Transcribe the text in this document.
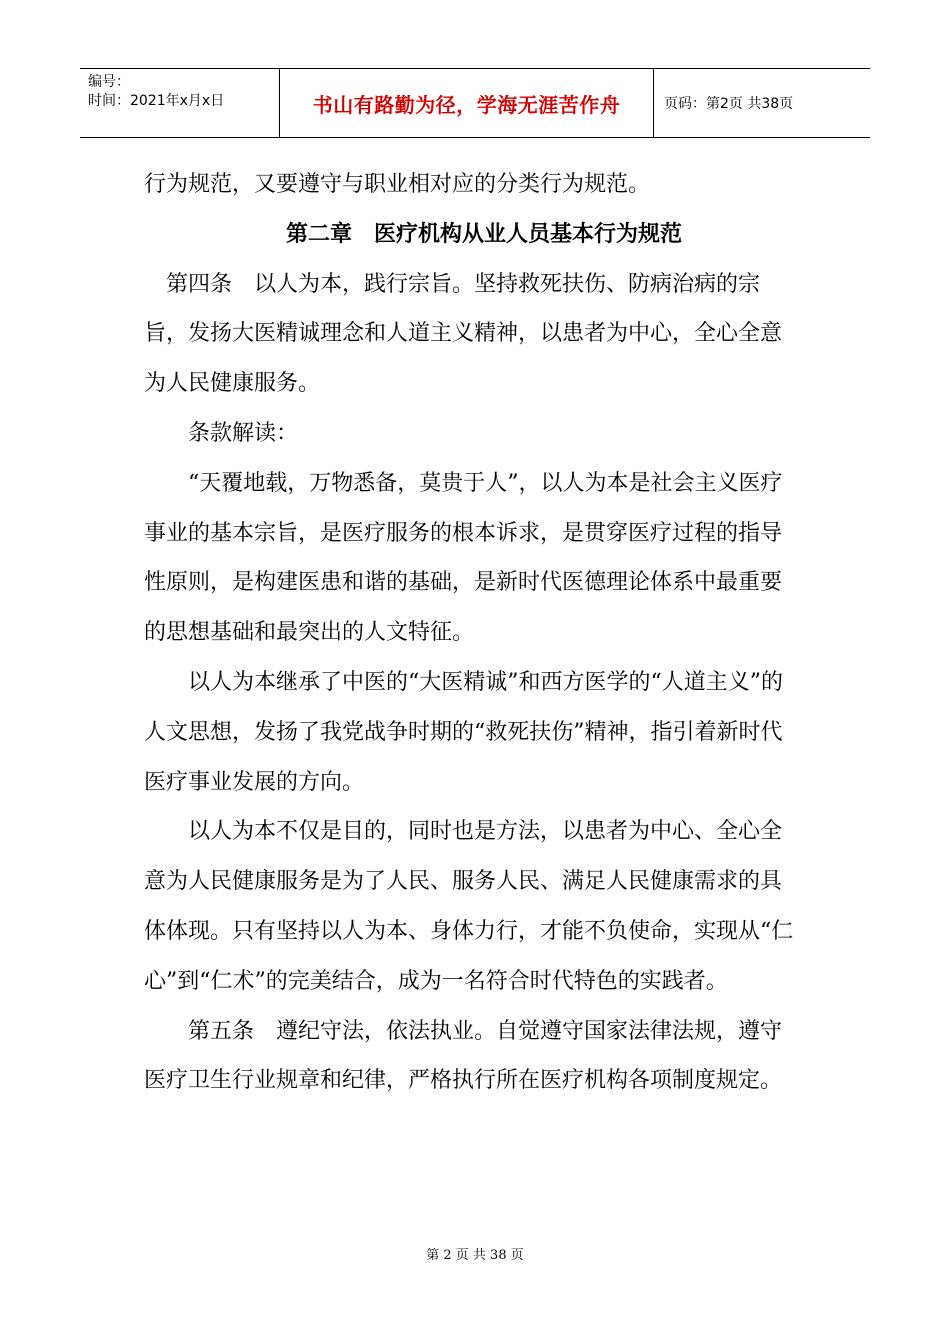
编号：
时间：2021年x月x日	书山有路勤为径，学海无涯苦作舟	页码：第2页 共38页

行为规范，又要遵守与职业相对应的分类行为规范。

第二章　医疗机构从业人员基本行为规范

第四条　以人为本，践行宗旨。坚持救死扶伤、防病治病的宗旨，发扬大医精诚理念和人道主义精神，以患者为中心，全心全意为人民健康服务。

条款解读：

“天覆地载，万物悉备，莫贵于人”，以人为本是社会主义医疗事业的基本宗旨，是医疗服务的根本诉求，是贯穿医疗过程的指导性原则，是构建医患和谐的基础，是新时代医德理论体系中最重要的思想基础和最突出的人文特征。

以人为本继承了中医的“大医精诚”和西方医学的“人道主义”的人文思想，发扬了我党战争时期的“救死扶伤”精神，指引着新时代医疗事业发展的方向。

以人为本不仅是目的，同时也是方法，以患者为中心、全心全意为人民健康服务是为了人民、服务人民、满足人民健康需求的具体体现。只有坚持以人为本、身体力行，才能不负使命，实现从“仁心”到“仁术”的完美结合，成为一名符合时代特色的实践者。

第五条　遵纪守法，依法执业。自觉遵守国家法律法规，遵守医疗卫生行业规章和纪律，严格执行所在医疗机构各项制度规定。

第 2 页 共 38 页
